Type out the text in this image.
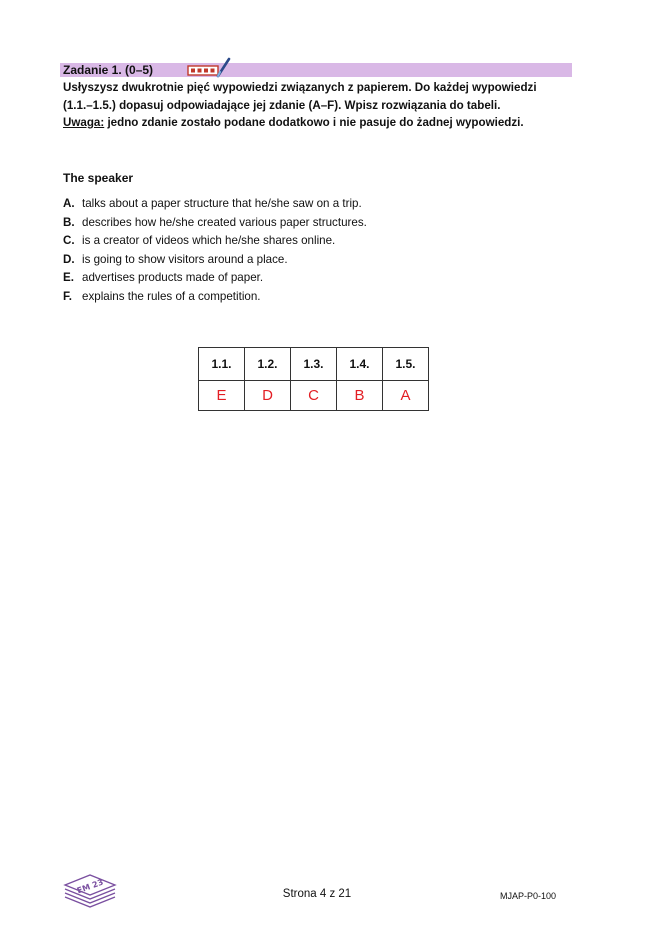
Zadanie 1. (0–5)

Usłyszysz dwukrotnie pięć wypowiedzi związanych z papierem. Do każdej wypowiedzi

(1.1.–1.5.) dopasuj odpowiadające jej zdanie (A–F). Wpisz rozwiązania do tabeli.

Uwaga: jedno zdanie zostało podane dodatkowo i nie pasuje do żadnej wypowiedzi.

The speaker
A. talks about a paper structure that he/she saw on a trip.
B. describes how he/she created various paper structures.
C. is a creator of videos which he/she shares online.
D. is going to show visitors around a place.
E. advertises products made of paper.
F. explains the rules of a competition.
1.1.	1.2.	1.3.	1.4.	1.5.
E	D	C	B	A
EM 23	Strona 4 z 21	MJAP-P0-100
